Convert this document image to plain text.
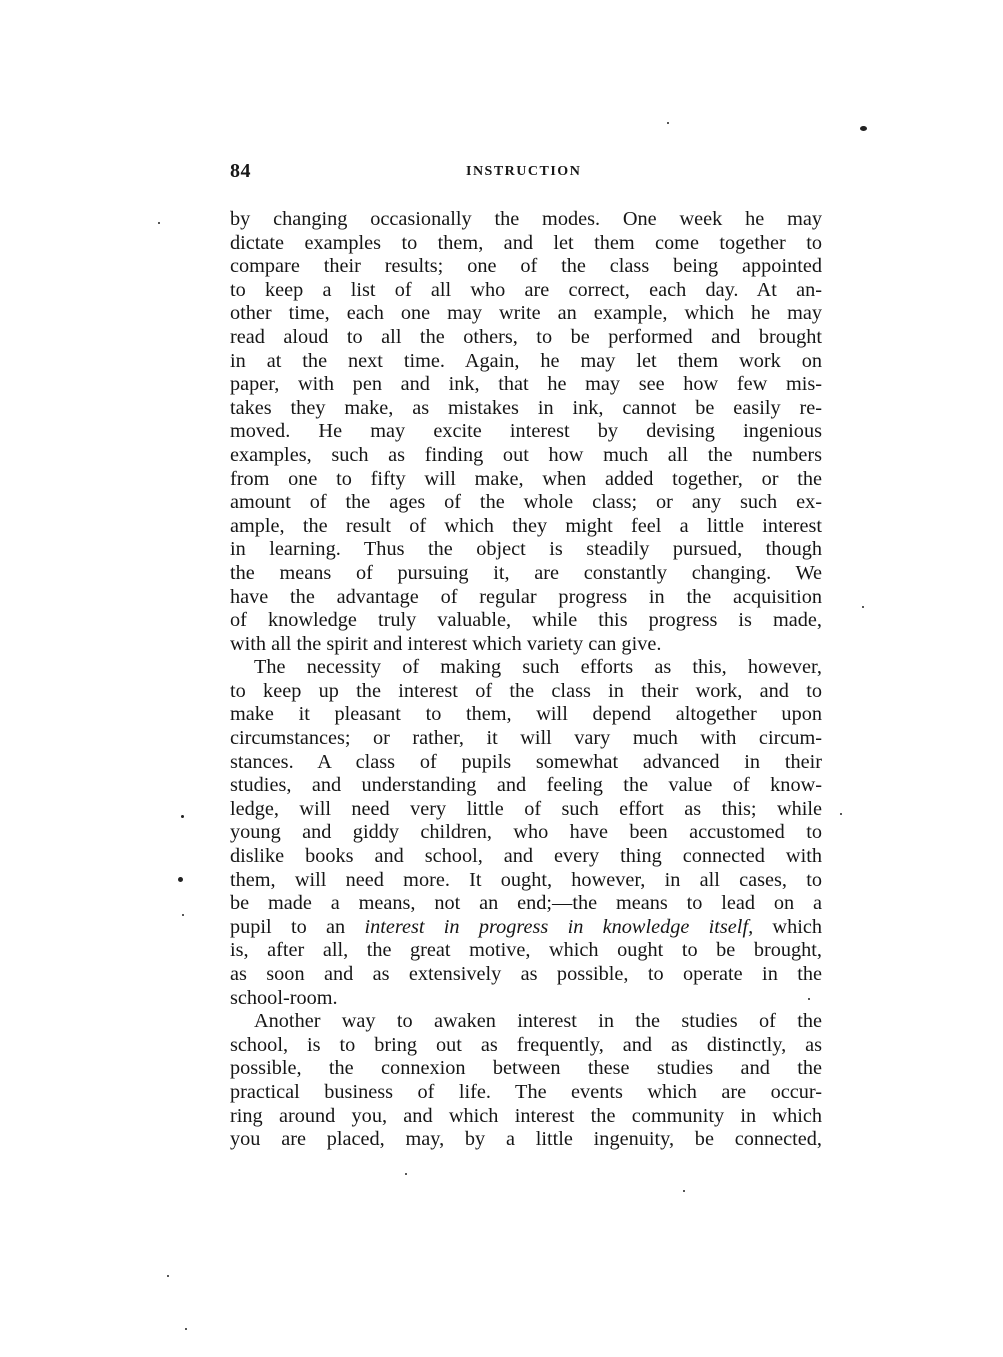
84	INSTRUCTION
by changing occasionally the modes. One week he may
dictate examples to them, and let them come together to
compare their results; one of the class being appointed
to keep a list of all who are correct, each day. At an-
other time, each one may write an example, which he may
read aloud to all the others, to be performed and brought
in at the next time. Again, he may let them work on
paper, with pen and ink, that he may see how few mis-
takes they make, as mistakes in ink, cannot be easily re-
moved. He may excite interest by devising ingenious
examples, such as finding out how much all the numbers
from one to fifty will make, when added together, or the
amount of the ages of the whole class; or any such ex-
ample, the result of which they might feel a little interest
in learning. Thus the object is steadily pursued, though
the means of pursuing it, are constantly changing. We
have the advantage of regular progress in the acquisition
of knowledge truly valuable, while this progress is made,
with all the spirit and interest which variety can give.
The necessity of making such efforts as this, however,
to keep up the interest of the class in their work, and to
make it pleasant to them, will depend altogether upon
circumstances; or rather, it will vary much with circum-
stances. A class of pupils somewhat advanced in their
studies, and understanding and feeling the value of know-
ledge, will need very little of such effort as this; while
young and giddy children, who have been accustomed to
dislike books and school, and every thing connected with
them, will need more. It ought, however, in all cases, to
be made a means, not an end;—the means to lead on a
pupil to an interest in progress in knowledge itself, which
is, after all, the great motive, which ought to be brought,
as soon and as extensively as possible, to operate in the
school-room.
Another way to awaken interest in the studies of the
school, is to bring out as frequently, and as distinctly, as
possible, the connexion between these studies and the
practical business of life. The events which are occur-
ring around you, and which interest the community in which
you are placed, may, by a little ingenuity, be connected,
